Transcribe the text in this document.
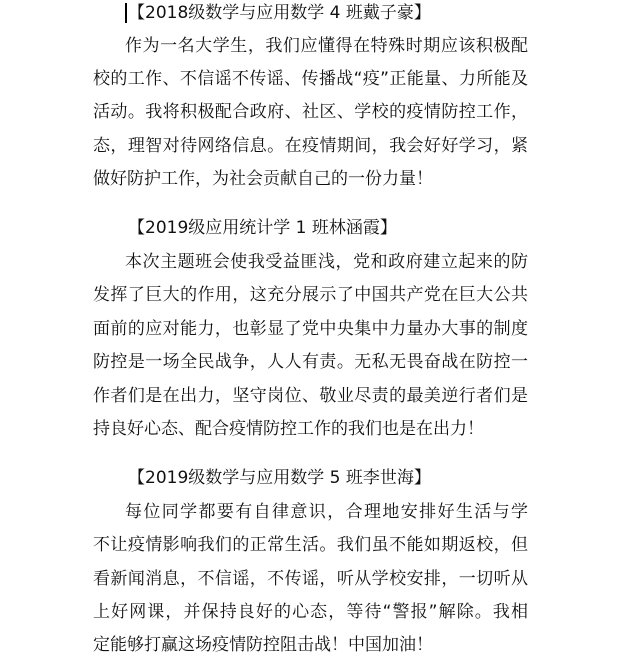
【2018级数学与应用数学 4 班戴子豪】
作为一名大学生，我们应懂得在特殊时期应该积极配
校的工作、不信谣不传谣、传播战“疫”正能量、力所能及
活动。我将积极配合政府、社区、学校的疫情防控工作，
态，理智对待网络信息。在疫情期间，我会好好学习，紧
做好防护工作，为社会贡献自己的一份力量！
【2019级应用统计学 1 班林涵霞】
本次主题班会使我受益匪浅，党和政府建立起来的防
发挥了巨大的作用，这充分展示了中国共产党在巨大公共
面前的应对能力，也彰显了党中央集中力量办大事的制度
防控是一场全民战争，人人有责。无私无畏奋战在防控一
作者们是在出力，坚守岗位、敬业尽责的最美逆行者们是
持良好心态、配合疫情防控工作的我们也是在出力！
【2019级数学与应用数学 5 班李世海】
每位同学都要有自律意识，合理地安排好生活与学
不让疫情影响我们的正常生活。我们虽不能如期返校，但
看新闻消息，不信谣，不传谣，听从学校安排，一切听从
上好网课，并保持良好的心态，等待“警报”解除。我相
定能够打赢这场疫情防控阻击战！中国加油！
